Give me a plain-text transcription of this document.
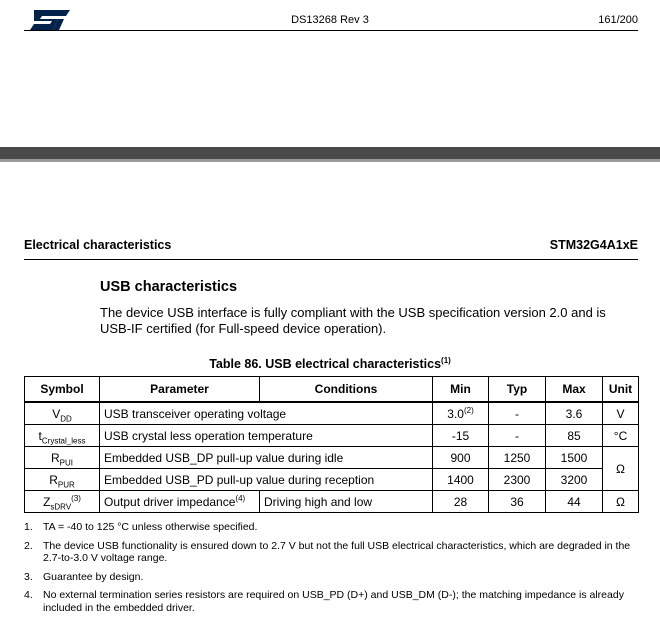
DS13268 Rev 3	161/200
Electrical characteristics	STM32G4A1xE
USB characteristics
The device USB interface is fully compliant with the USB specification version 2.0 and is USB-IF certified (for Full-speed device operation).
Table 86. USB electrical characteristics$^{(1)}$
Symbol	Parameter	Conditions	Min	Typ	Max	Unit
$V_{DD}$	USB transceiver operating voltage		3.0$^{(2)}$	-	3.6	V
$t_{Crystal\_less}$	USB crystal less operation temperature		-15	-	85	°C
$R_{PUI}$	Embedded USB_DP pull-up value during idle		900	1250	1500	Ω
$R_{PUR}$	Embedded USB_PD pull-up value during reception		1400	2300	3200	
$Z_{sDRV}^{(3)}$	Output driver impedance$^{(4)}$	Driving high and low	28	36	44	Ω
1. TA = -40 to 125 °C unless otherwise specified.
2. The device USB functionality is ensured down to 2.7 V but not the full USB electrical characteristics, which are degraded in the 2.7-to-3.0 V voltage range.
3. Guarantee by design.
4. No external termination series resistors are required on USB_PD (D+) and USB_DM (D-); the matching impedance is already included in the embedded driver.
